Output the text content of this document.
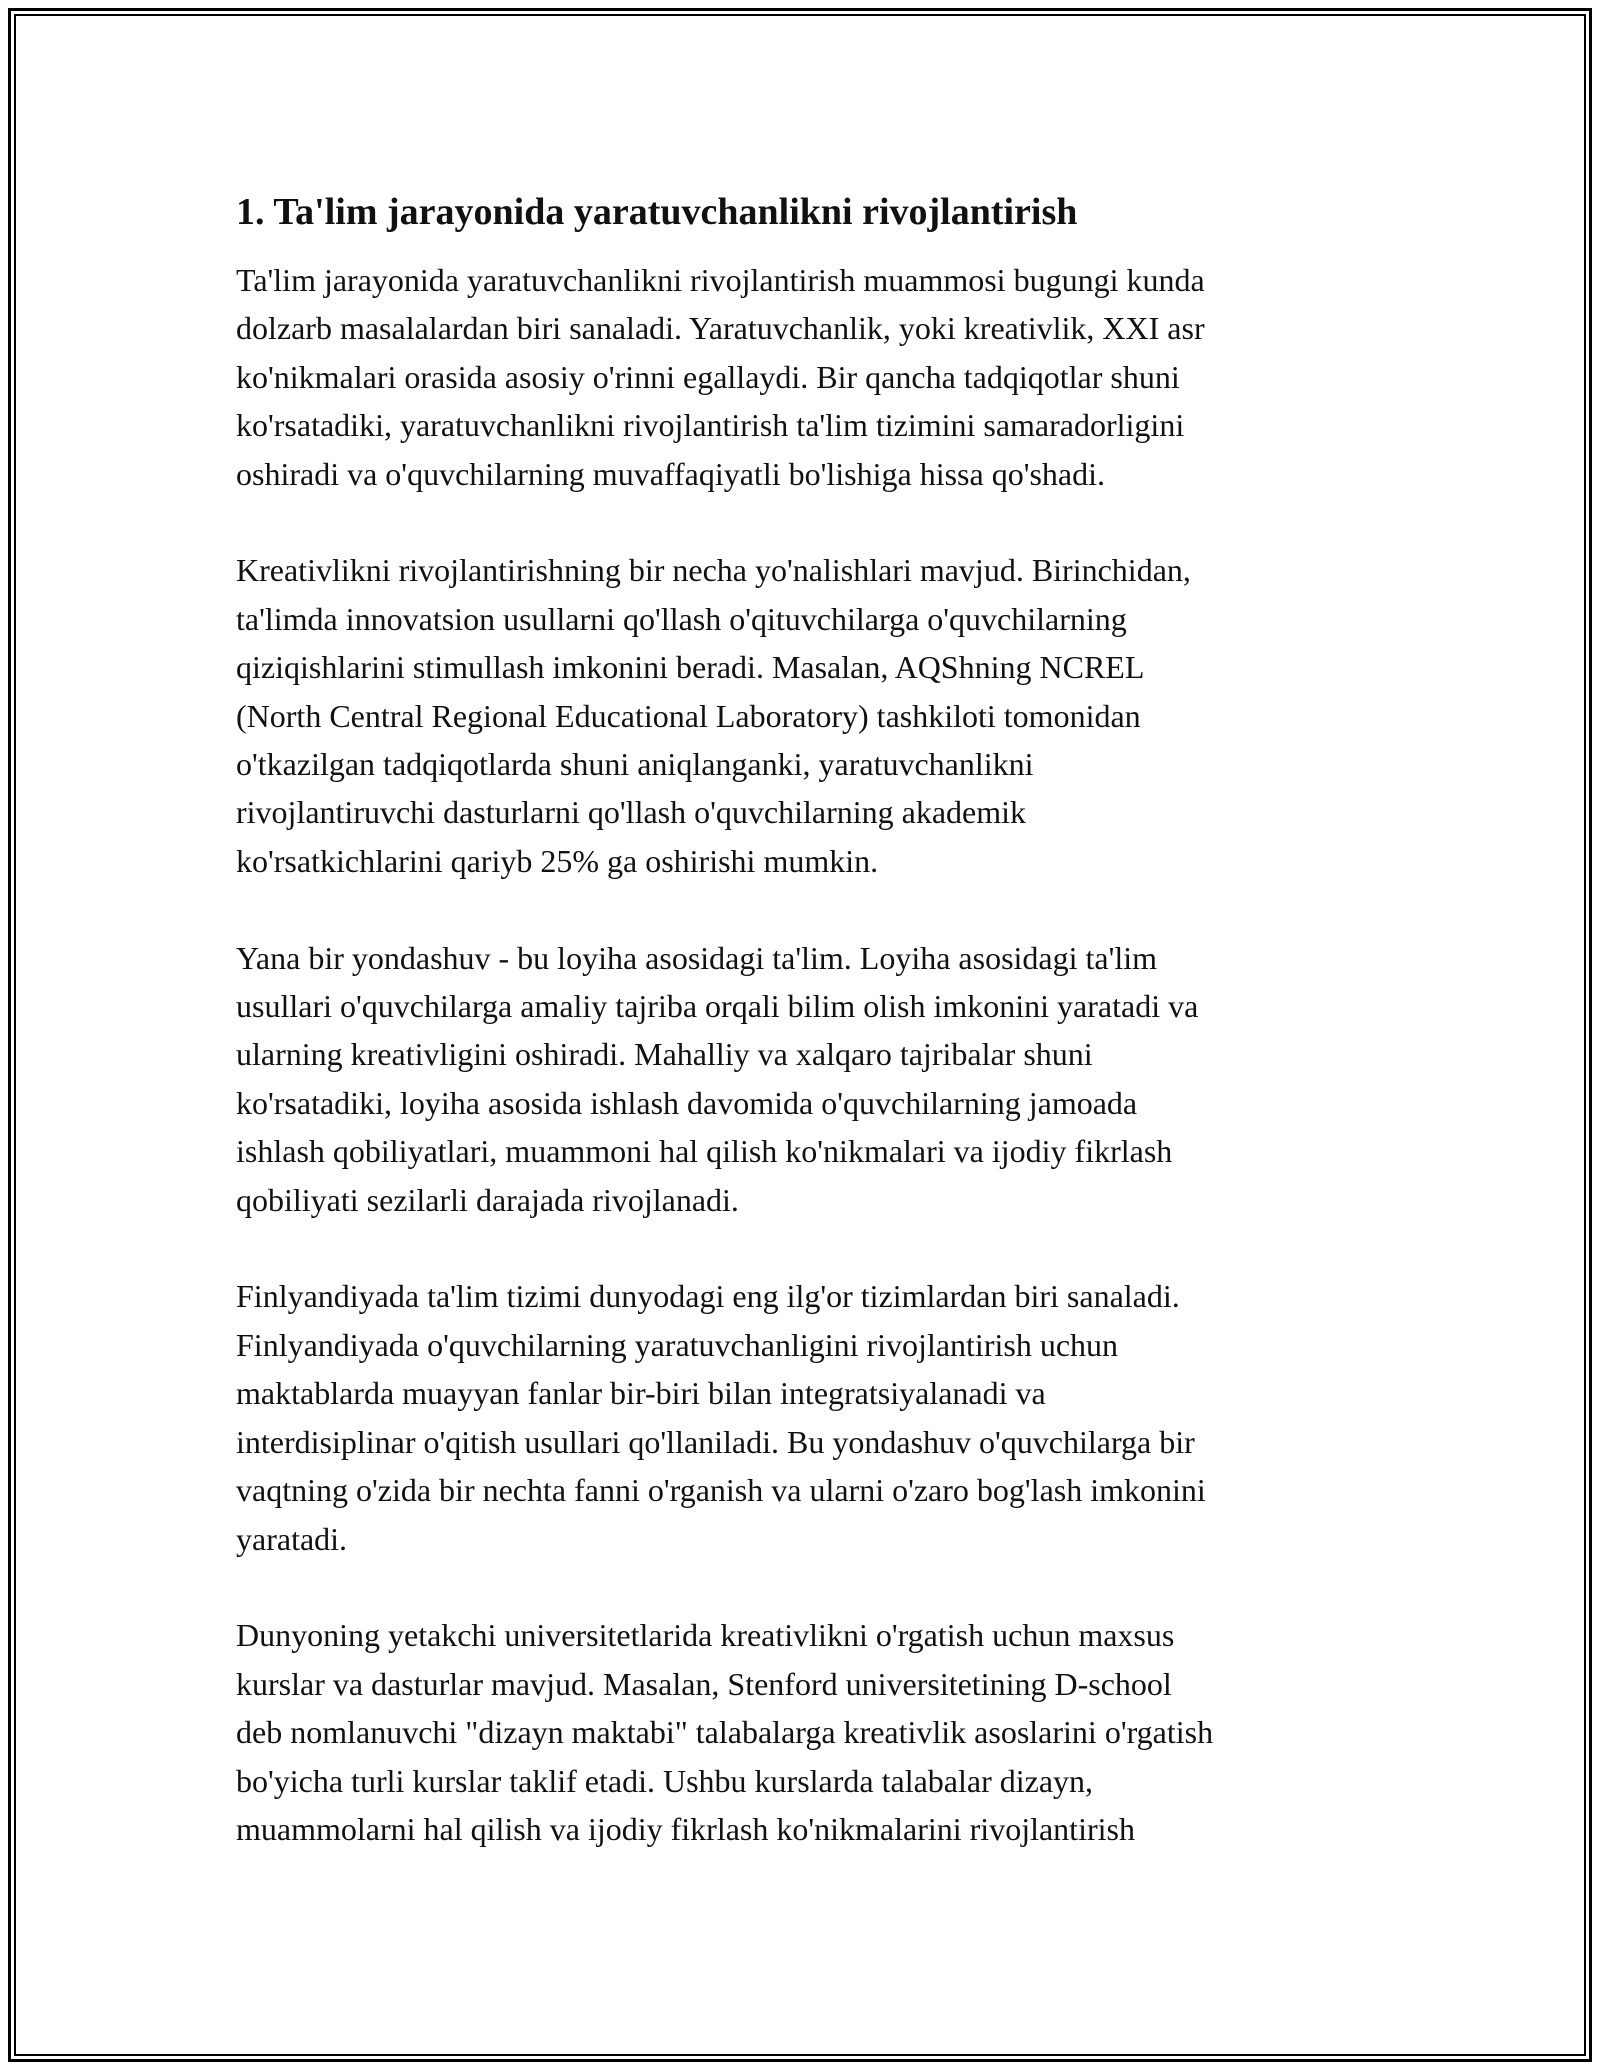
1. Ta'lim jarayonida yaratuvchanlikni rivojlantirish

Ta'lim jarayonida yaratuvchanlikni rivojlantirish muammosi bugungi kunda
dolzarb masalalardan biri sanaladi. Yaratuvchanlik, yoki kreativlik, XXI asr
ko'nikmalari orasida asosiy o'rinni egallaydi. Bir qancha tadqiqotlar shuni
ko'rsatadiki, yaratuvchanlikni rivojlantirish ta'lim tizimini samaradorligini
oshiradi va o'quvchilarning muvaffaqiyatli bo'lishiga hissa qo'shadi.

Kreativlikni rivojlantirishning bir necha yo'nalishlari mavjud. Birinchidan,
ta'limda innovatsion usullarni qo'llash o'qituvchilarga o'quvchilarning
qiziqishlarini stimullash imkonini beradi. Masalan, AQShning NCREL
(North Central Regional Educational Laboratory) tashkiloti tomonidan
o'tkazilgan tadqiqotlarda shuni aniqlanganki, yaratuvchanlikni
rivojlantiruvchi dasturlarni qo'llash o'quvchilarning akademik
ko'rsatkichlarini qariyb 25% ga oshirishi mumkin.

Yana bir yondashuv - bu loyiha asosidagi ta'lim. Loyiha asosidagi ta'lim
usullari o'quvchilarga amaliy tajriba orqali bilim olish imkonini yaratadi va
ularning kreativligini oshiradi. Mahalliy va xalqaro tajribalar shuni
ko'rsatadiki, loyiha asosida ishlash davomida o'quvchilarning jamoada
ishlash qobiliyatlari, muammoni hal qilish ko'nikmalari va ijodiy fikrlash
qobiliyati sezilarli darajada rivojlanadi.

Finlyandiyada ta'lim tizimi dunyodagi eng ilg'or tizimlardan biri sanaladi.
Finlyandiyada o'quvchilarning yaratuvchanligini rivojlantirish uchun
maktablarda muayyan fanlar bir-biri bilan integratsiyalanadi va
interdisiplinar o'qitish usullari qo'llaniladi. Bu yondashuv o'quvchilarga bir
vaqtning o'zida bir nechta fanni o'rganish va ularni o'zaro bog'lash imkonini
yaratadi.

Dunyoning yetakchi universitetlarida kreativlikni o'rgatish uchun maxsus
kurslar va dasturlar mavjud. Masalan, Stenford universitetining D-school
deb nomlanuvchi "dizayn maktabi" talabalarga kreativlik asoslarini o'rgatish
bo'yicha turli kurslar taklif etadi. Ushbu kurslarda talabalar dizayn,
muammolarni hal qilish va ijodiy fikrlash ko'nikmalarini rivojlantirish
